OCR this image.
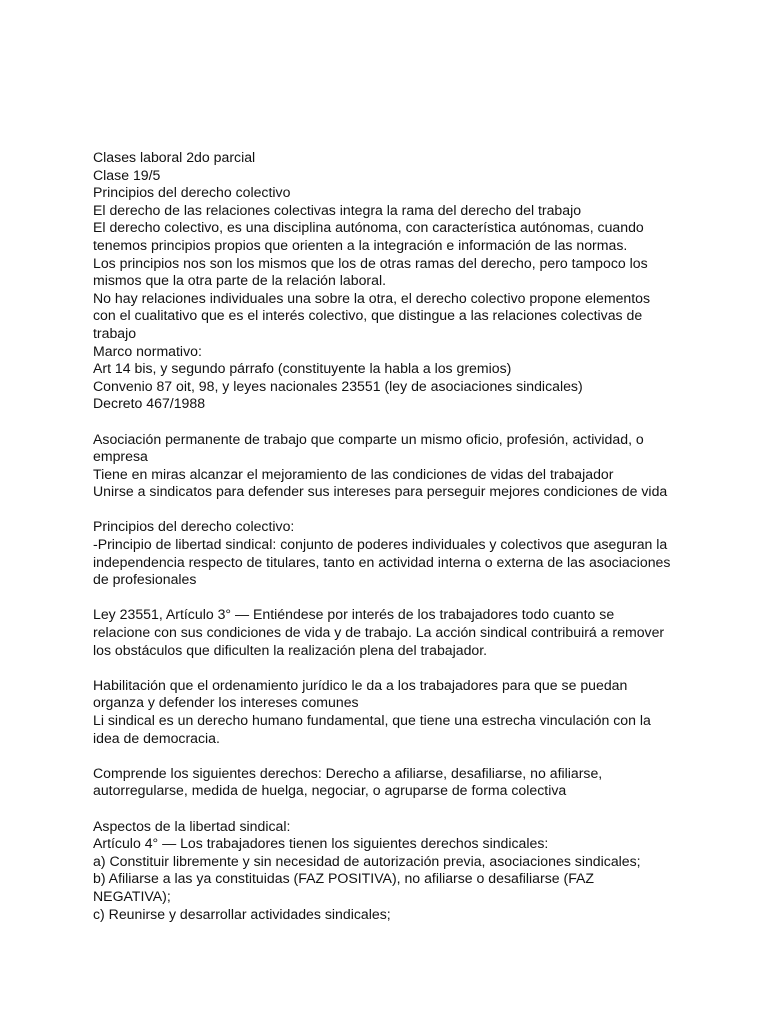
Clases laboral 2do parcial
Clase 19/5
Principios del derecho colectivo
El derecho de las relaciones colectivas integra la rama del derecho del trabajo
El derecho colectivo, es una disciplina autónoma, con característica autónomas, cuando
tenemos principios propios que orienten a la integración e información de las normas.
Los principios nos son los mismos que los de otras ramas del derecho, pero tampoco los
mismos que la otra parte de la relación laboral.
No hay relaciones individuales una sobre la otra, el derecho colectivo propone elementos
con el cualitativo que es el interés colectivo, que distingue a las relaciones colectivas de
trabajo
Marco normativo:
Art 14 bis, y segundo párrafo (constituyente la habla a los gremios)
Convenio 87 oit, 98, y leyes nacionales 23551 (ley de asociaciones sindicales)
Decreto 467/1988
Asociación permanente de trabajo que comparte un mismo oficio, profesión, actividad, o
empresa
Tiene en miras alcanzar el mejoramiento de las condiciones de vidas del trabajador
Unirse a sindicatos para defender sus intereses para perseguir mejores condiciones de vida
Principios del derecho colectivo:
-Principio de libertad sindical: conjunto de poderes individuales y colectivos que aseguran la
independencia respecto de titulares, tanto en actividad interna o externa de las asociaciones
de profesionales
Ley 23551, Artículo 3° — Entiéndese por interés de los trabajadores todo cuanto se
relacione con sus condiciones de vida y de trabajo. La acción sindical contribuirá a remover
los obstáculos que dificulten la realización plena del trabajador.
Habilitación que el ordenamiento jurídico le da a los trabajadores para que se puedan
organza y defender los intereses comunes
Li sindical es un derecho humano fundamental, que tiene una estrecha vinculación con la
idea de democracia.
Comprende los siguientes derechos: Derecho a afiliarse, desafiliarse, no afiliarse,
autorregularse, medida de huelga, negociar, o agruparse de forma colectiva
Aspectos de la libertad sindical:
Artículo 4° — Los trabajadores tienen los siguientes derechos sindicales:
a) Constituir libremente y sin necesidad de autorización previa, asociaciones sindicales;
b) Afiliarse a las ya constituidas (FAZ POSITIVA), no afiliarse o desafiliarse (FAZ
NEGATIVA);
c) Reunirse y desarrollar actividades sindicales;
